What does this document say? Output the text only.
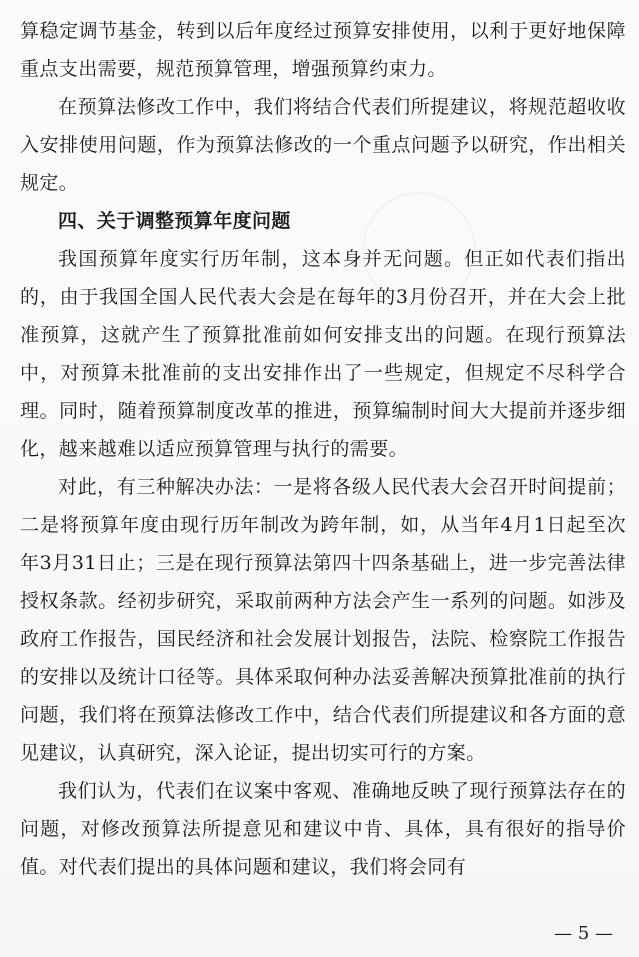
算稳定调节基金，转到以后年度经过预算安排使用，以利于更好地保障重点支出需要，规范预算管理，增强预算约束力。

在预算法修改工作中，我们将结合代表们所提建议，将规范超收收入安排使用问题，作为预算法修改的一个重点问题予以研究，作出相关规定。

四、关于调整预算年度问题

我国预算年度实行历年制，这本身并无问题。但正如代表们指出的，由于我国全国人民代表大会是在每年的3月份召开，并在大会上批准预算，这就产生了预算批准前如何安排支出的问题。在现行预算法中，对预算未批准前的支出安排作出了一些规定，但规定不尽科学合理。同时，随着预算制度改革的推进，预算编制时间大大提前并逐步细化，越来越难以适应预算管理与执行的需要。

对此，有三种解决办法：一是将各级人民代表大会召开时间提前；二是将预算年度由现行历年制改为跨年制，如，从当年4月1日起至次年3月31日止；三是在现行预算法第四十四条基础上，进一步完善法律授权条款。经初步研究，采取前两种方法会产生一系列的问题。如涉及政府工作报告，国民经济和社会发展计划报告，法院、检察院工作报告的安排以及统计口径等。具体采取何种办法妥善解决预算批准前的执行问题，我们将在预算法修改工作中，结合代表们所提建议和各方面的意见建议，认真研究，深入论证，提出切实可行的方案。

我们认为，代表们在议案中客观、准确地反映了现行预算法存在的问题，对修改预算法所提意见和建议中肯、具体，具有很好的指导价值。对代表们提出的具体问题和建议，我们将会同有

— 5 —
